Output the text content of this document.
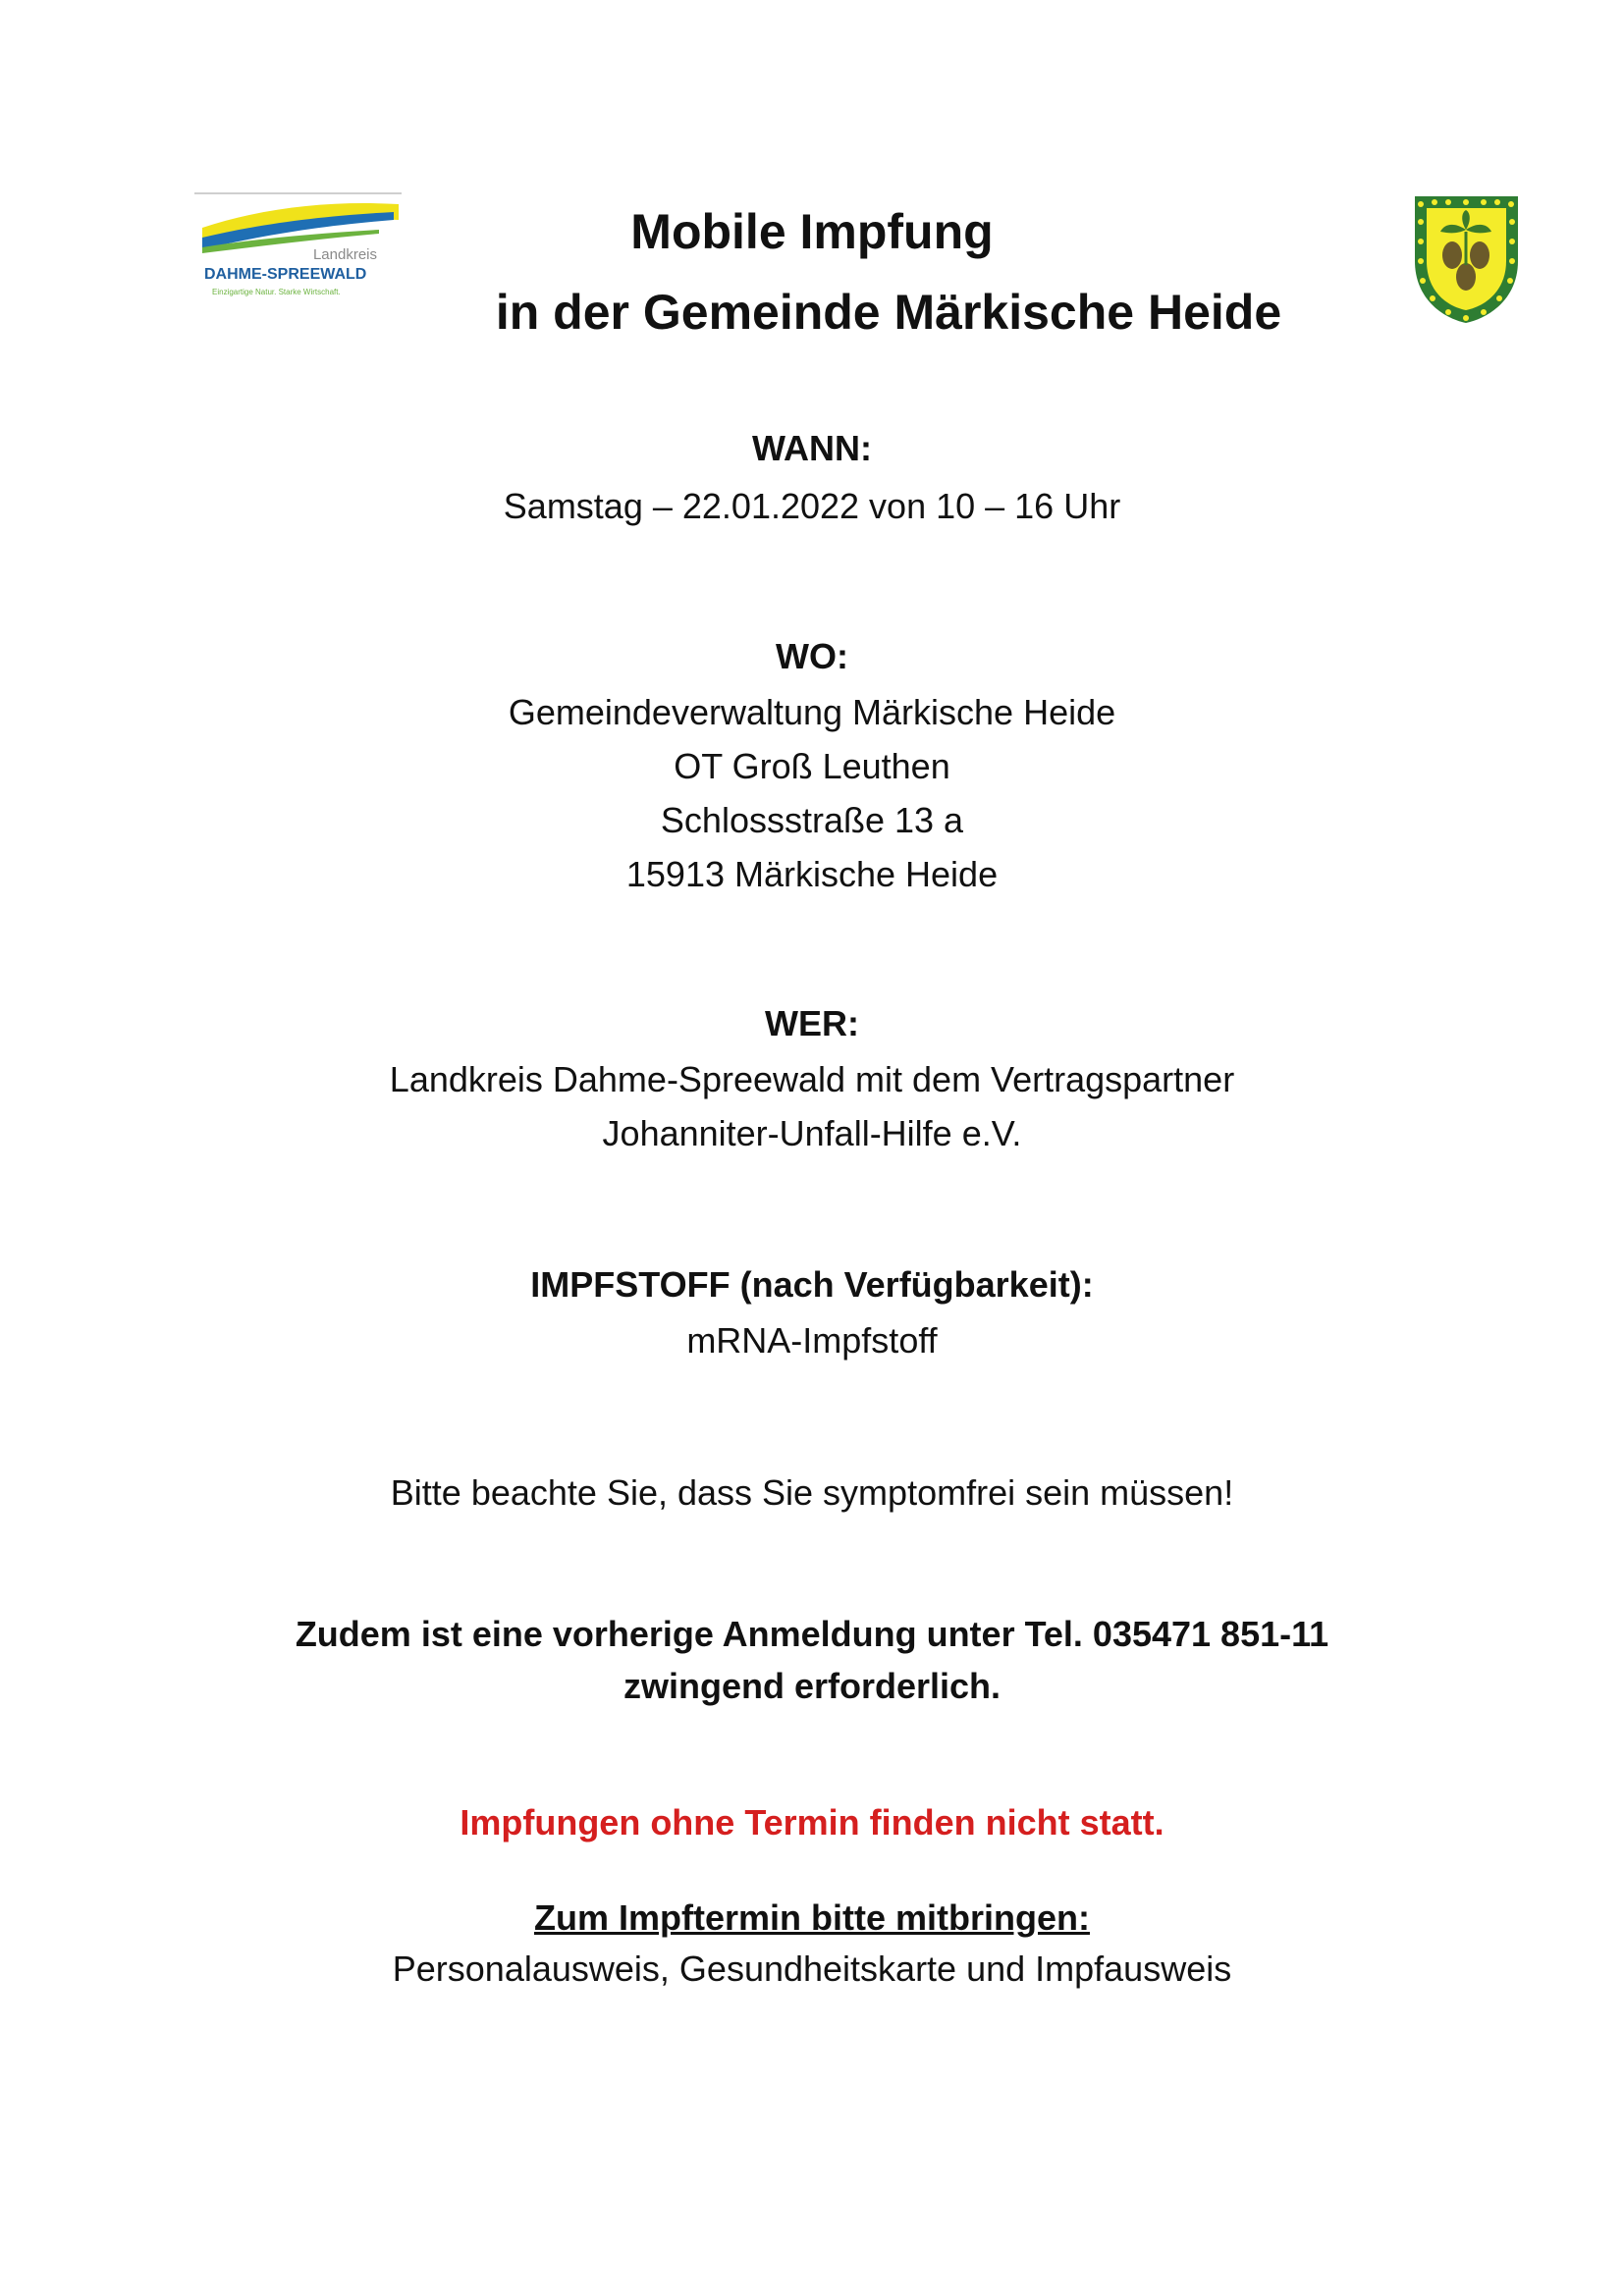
Landkreis
DAHME-SPREEWALD
Einzigartige Natur. Starke Wirtschaft.
Mobile Impfung
in der Gemeinde Märkische Heide
WANN:
Samstag – 22.01.2022 von 10 – 16 Uhr
WO:
Gemeindeverwaltung Märkische Heide
OT Groß Leuthen
Schlossstraße 13 a
15913 Märkische Heide
WER:
Landkreis Dahme-Spreewald mit dem Vertragspartner
Johanniter-Unfall-Hilfe e.V.
IMPFSTOFF (nach Verfügbarkeit):
mRNA-Impfstoff
Bitte beachte Sie, dass Sie symptomfrei sein müssen!
Zudem ist eine vorherige Anmeldung unter Tel. 035471 851-11
zwingend erforderlich.
Impfungen ohne Termin finden nicht statt.
Zum Impftermin bitte mitbringen:
Personalausweis, Gesundheitskarte und Impfausweis
